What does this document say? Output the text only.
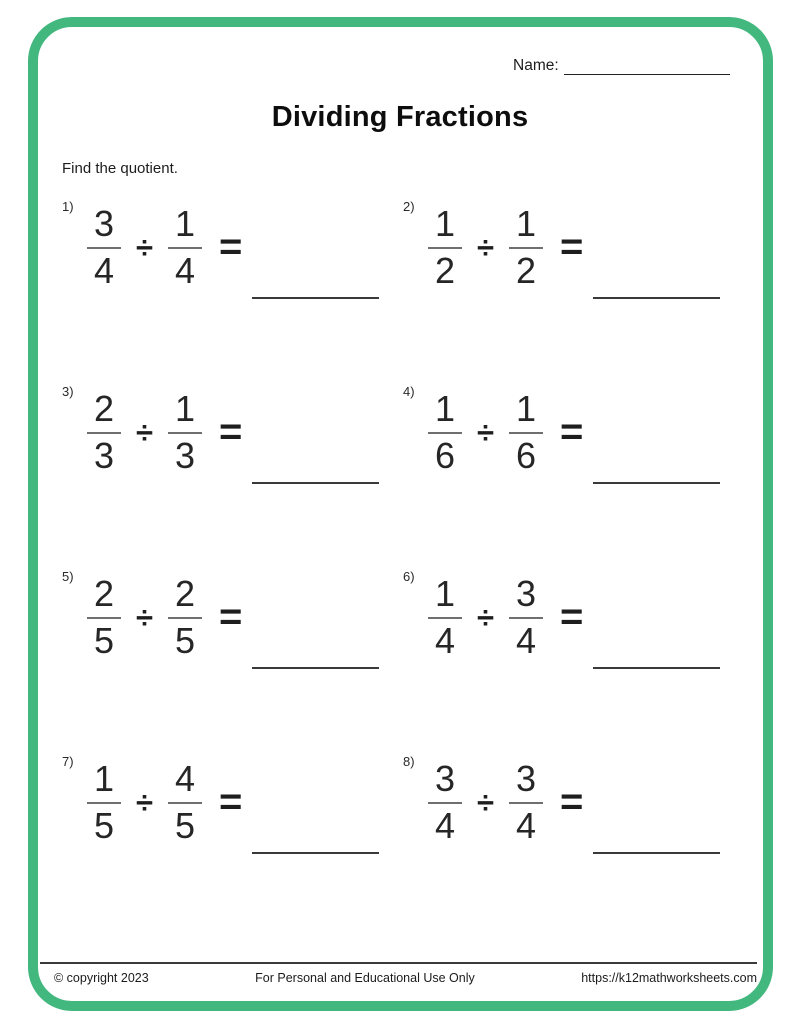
Name:
Dividing Fractions
Find the quotient.
$1) \frac{3}{4} \div \frac{1}{4}$ =
$2) \frac{1}{2} \div \frac{1}{2}$ =
$3) \frac{2}{3} \div \frac{1}{3}$ =
$4) \frac{1}{6} \div \frac{1}{6}$ =
$5) \frac{2}{5} \div \frac{2}{5}$ =
$6) \frac{1}{4} \div \frac{3}{4}$ =
$7) \frac{1}{5} \div \frac{4}{5}$ =
$8) \frac{3}{4} \div \frac{3}{4}$ =
© copyright 2023	For Personal and Educational Use Only	https://k12mathworksheets.com
